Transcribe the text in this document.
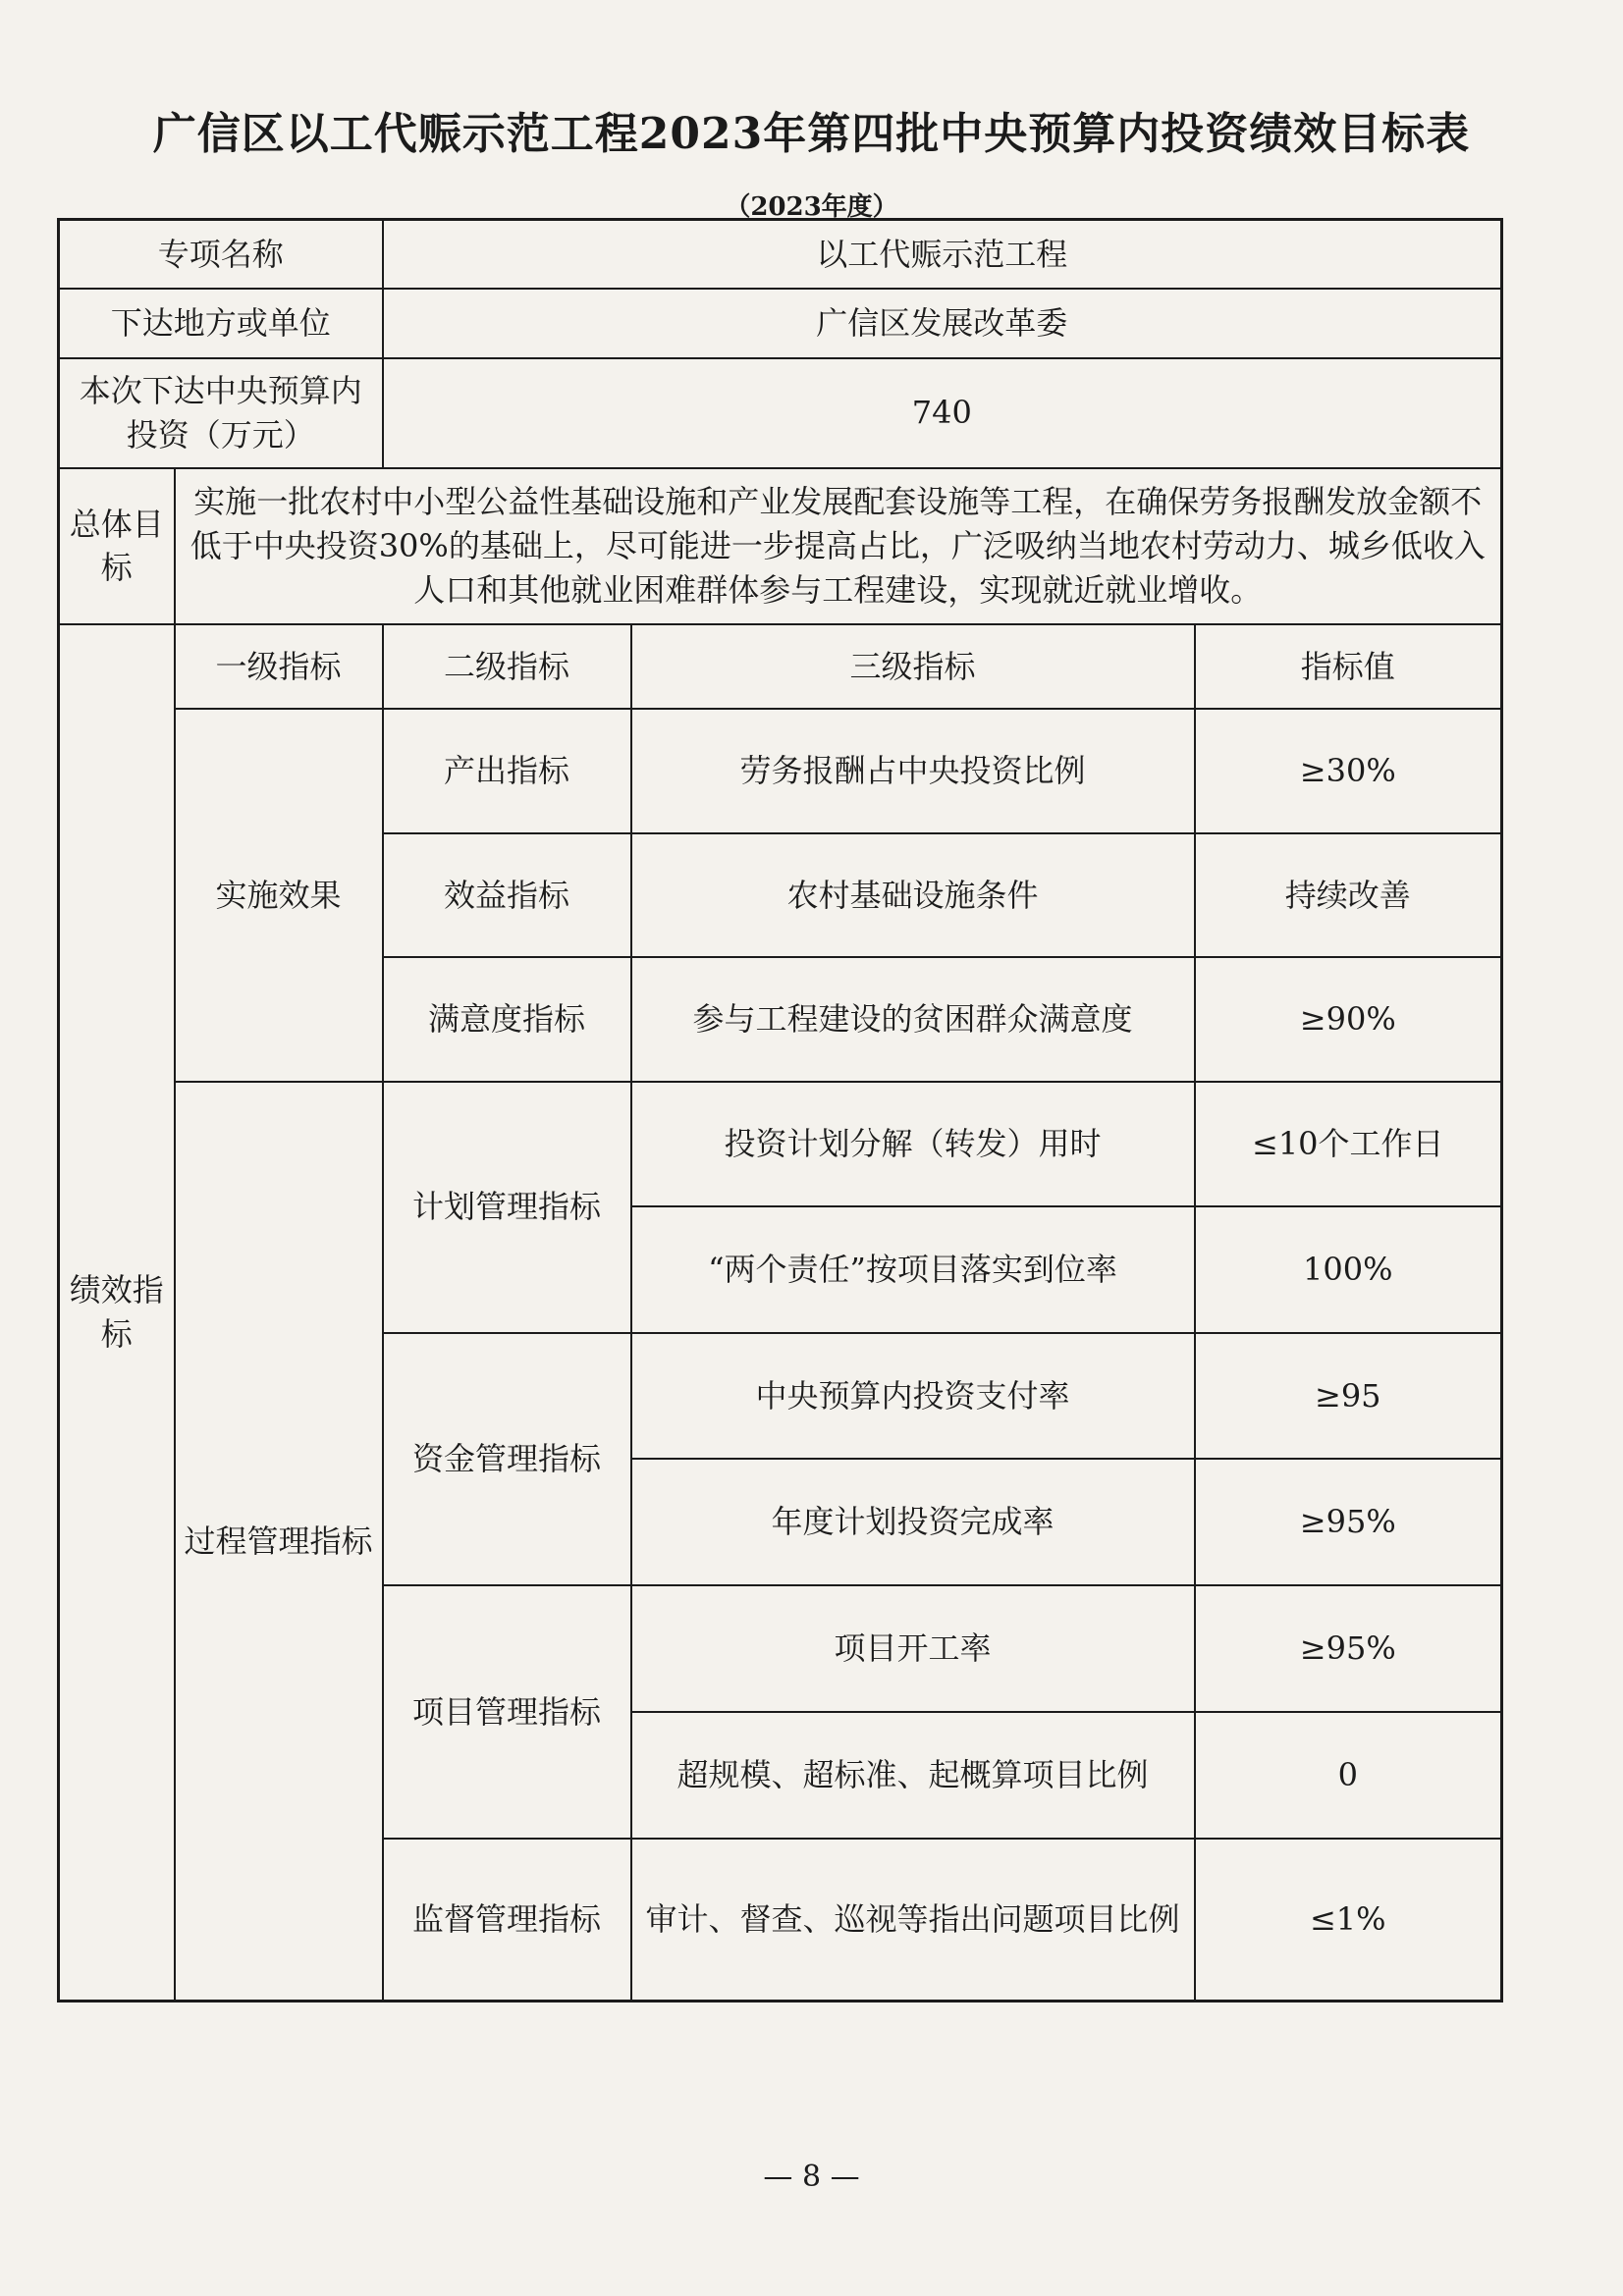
广信区以工代赈示范工程2023年第四批中央预算内投资绩效目标表
（2023年度）
专项名称		以工代赈示范工程		
下达地方或单位		广信区发展改革委		
本次下达中央预算内投资（万元）		740		
总体目标	实施一批农村中小型公益性基础设施和产业发展配套设施等工程，在确保劳务报酬发放金额不低于中央投资30%的基础上，尽可能进一步提高占比，广泛吸纳当地农村劳动力、城乡低收入人口和其他就业困难群体参与工程建设，实现就近就业增收。			
绩效指标	一级指标	二级指标	三级指标	指标值
	实施效果	产出指标	劳务报酬占中央投资比例	≥30%
		效益指标	农村基础设施条件	持续改善
		满意度指标	参与工程建设的贫困群众满意度	≥90%
	过程管理指标	计划管理指标	投资计划分解（转发）用时	≤10个工作日
			“两个责任”按项目落实到位率	100%
		资金管理指标	中央预算内投资支付率	≥95
			年度计划投资完成率	≥95%
		项目管理指标	项目开工率	≥95%
			超规模、超标准、起概算项目比例	0
		监督管理指标	审计、督查、巡视等指出问题项目比例	≤1%
— 8 —
